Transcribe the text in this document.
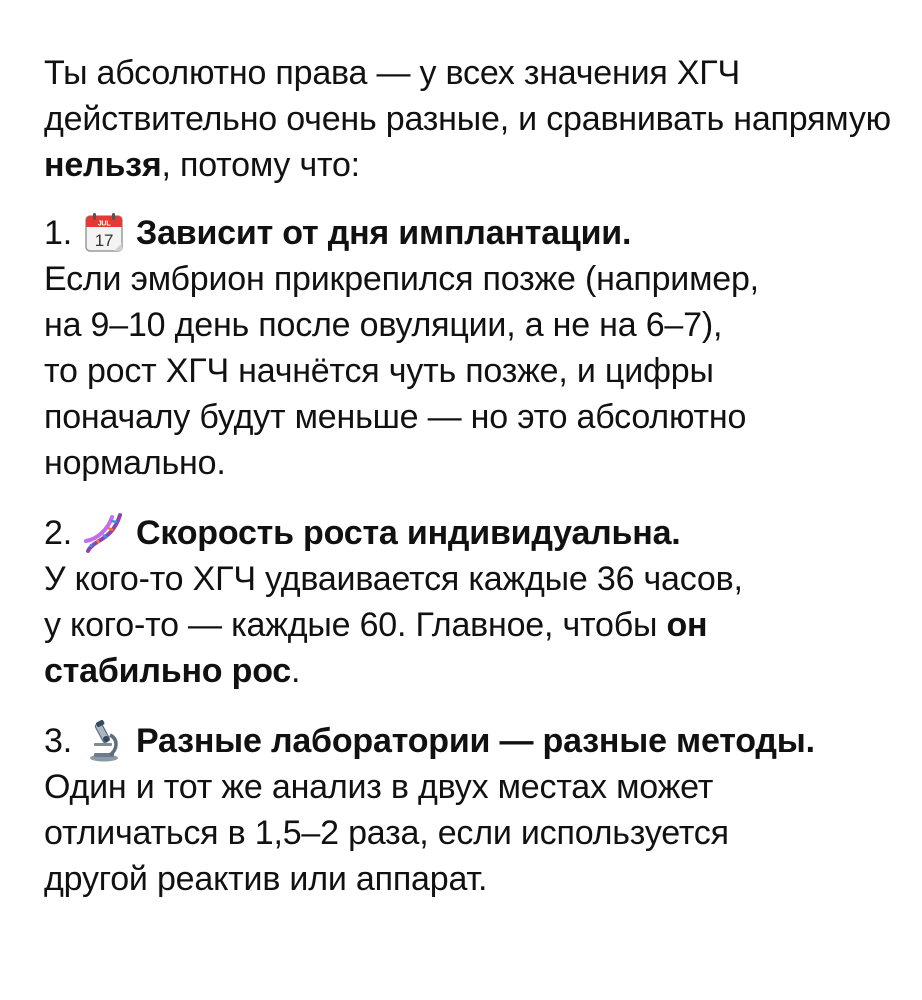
Ты абсолютно права — у всех значения ХГЧ действительно очень разные, и сравнивать напрямую нельзя, потому что:

1.	JUL
17 Зависит от дня имплантации.

Если эмбрион прикрепился позже (например,

на 9–10 день после овуляции, а не на 6–7),

то рост ХГЧ начнётся чуть позже, и цифры

поначалу будут меньше — но это абсолютно

нормально.

2. Скорость роста индивидуальна.

У кого-то ХГЧ удваивается каждые 36 часов,

у кого-то — каждые 60. Главное, чтобы он

стабильно рос.

3. Разные лаборатории — разные методы.

Один и тот же анализ в двух местах может

отличаться в 1,5–2 раза, если используется

другой реактив или аппарат.
